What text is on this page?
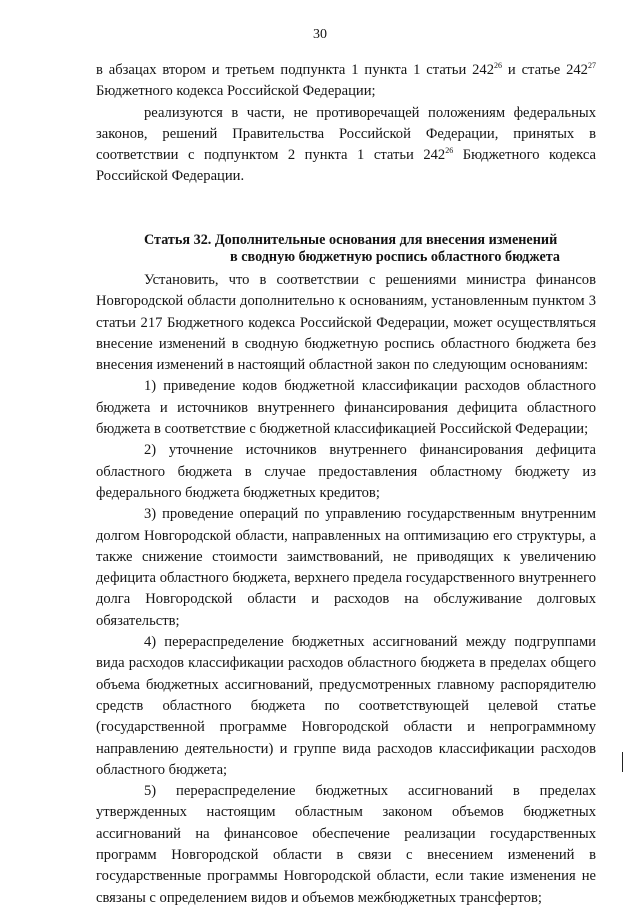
30

в абзацах втором и третьем подпункта 1 пункта 1 статьи $242^{26}$ и статье $242^{27}$ Бюджетного кодекса Российской Федерации;

реализуются в части, не противоречащей положениям федеральных законов, решений Правительства Российской Федерации, принятых в соответствии с подпунктом 2 пункта 1 статьи $242^{26}$ Бюджетного кодекса Российской Федерации.

Статья 32. Дополнительные основания для внесения изменений
в сводную бюджетную роспись областного бюджета

Установить, что в соответствии с решениями министра финансов Новгородской области дополнительно к основаниям, установленным пунктом 3 статьи 217 Бюджетного кодекса Российской Федерации, может осуществляться внесение изменений в сводную бюджетную роспись областного бюджета без внесения изменений в настоящий областной закон по следующим основаниям:

1) приведение кодов бюджетной классификации расходов областного бюджета и источников внутреннего финансирования дефицита областного бюджета в соответствие с бюджетной классификацией Российской Федерации;

2) уточнение источников внутреннего финансирования дефицита областного бюджета в случае предоставления областному бюджету из федерального бюджета бюджетных кредитов;

3) проведение операций по управлению государственным внутренним долгом Новгородской области, направленных на оптимизацию его структуры, а также снижение стоимости заимствований, не приводящих к увеличению дефицита областного бюджета, верхнего предела государственного внутреннего долга Новгородской области и расходов на обслуживание долговых обязательств;

4) перераспределение бюджетных ассигнований между подгруппами вида расходов классификации расходов областного бюджета в пределах общего объема бюджетных ассигнований, предусмотренных главному распорядителю средств областного бюджета по соответствующей целевой статье (государственной программе Новгородской области и непрограммному направлению деятельности) и группе вида расходов классификации расходов областного бюджета;

5) перераспределение бюджетных ассигнований в пределах утвержденных настоящим областным законом объемов бюджетных ассигнований на финансовое обеспечение реализации государственных программ Новгородской области в связи с внесением изменений в государственные программы Новгородской области, если такие изменения не связаны с определением видов и объемов межбюджетных трансфертов;
